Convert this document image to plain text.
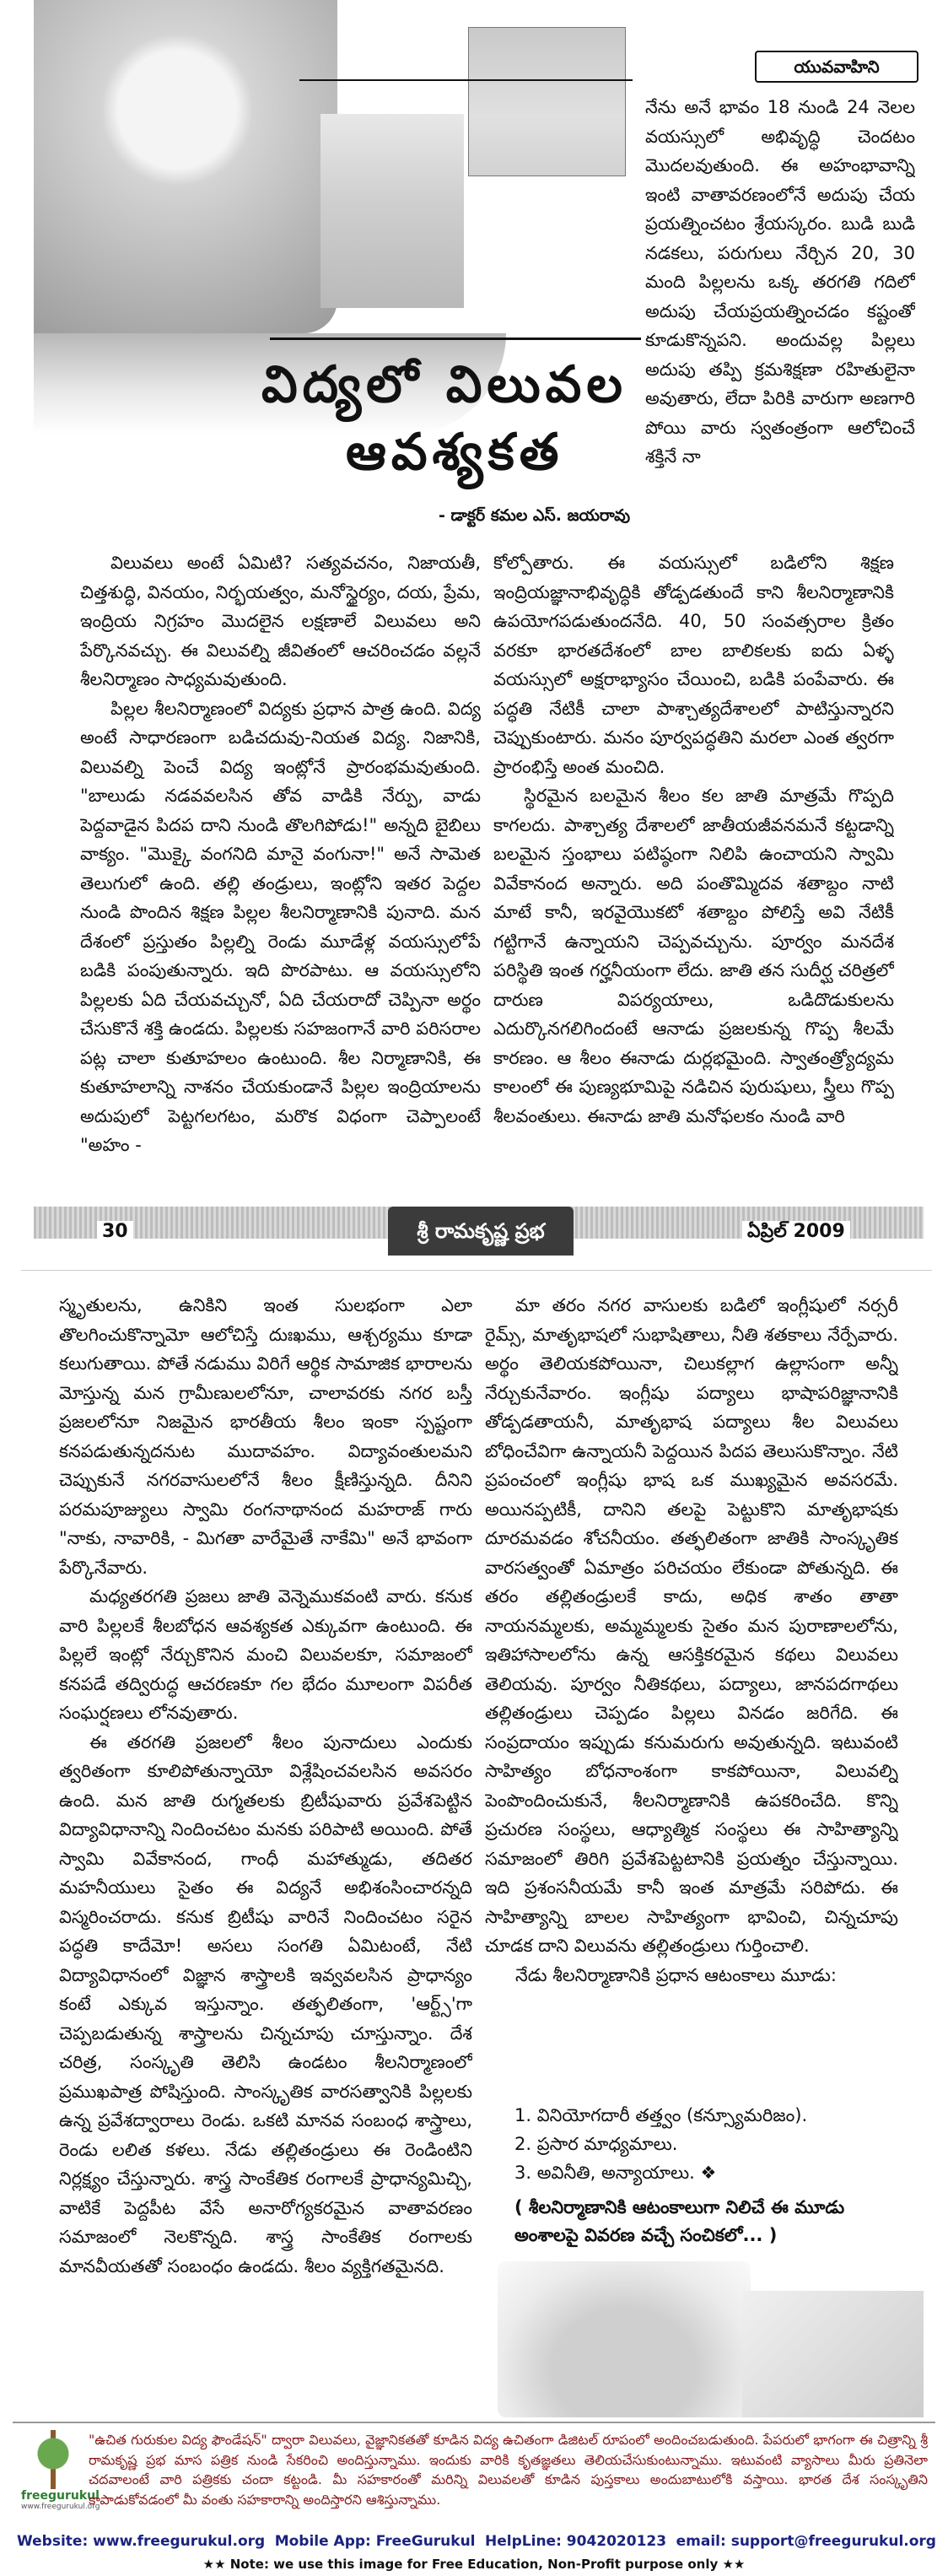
యువవాహిని
విద్యలో విలువల
ఆవశ్యకత
- డాక్టర్ కమల ఎస్. జయరావు

నేను అనే భావం 18 నుండి 24 నెలల వయస్సులో అభివృద్ధి చెందటం మొదలవుతుంది. ఈ అహంభావాన్ని ఇంటి వాతావరణంలోనే అదుపు చేయ ప్రయత్నించటం శ్రేయస్కరం. బుడి బుడి నడకలు, పరుగులు నేర్చిన 20, 30 మంది పిల్లలను ఒక్క తరగతి గదిలో అదుపు చేయప్రయత్నించడం కష్టంతో కూడుకొన్నపని. అందువల్ల పిల్లలు అదుపు తప్పి క్రమశిక్షణా రహితులైనా అవుతారు, లేదా పిరికి వారుగా అణగారి పోయి వారు స్వతంత్రంగా ఆలోచించే శక్తినే నా

విలువలు అంటే ఏమిటి? సత్యవచనం, నిజాయతీ, చిత్తశుద్ధి, వినయం, నిర్భయత్వం, మనోస్థైర్యం, దయ, ప్రేమ, ఇంద్రియ నిగ్రహం మొదలైన లక్షణాలే విలువలు అని పేర్కొనవచ్చు. ఈ విలువల్ని జీవితంలో ఆచరించడం వల్లనే శీలనిర్మాణం సాధ్యమవుతుంది.

పిల్లల శీలనిర్మాణంలో విద్యకు ప్రధాన పాత్ర ఉంది. విద్య అంటే సాధారణంగా బడిచదువు-నియత విద్య. నిజానికి, విలువల్ని పెంచే విద్య ఇంట్లోనే ప్రారంభమవుతుంది. "బాలుడు నడవవలసిన తోవ వాడికి నేర్పు, వాడు పెద్దవాడైన పిదప దాని నుండి తొలగిపోడు!" అన్నది బైబిలు వాక్యం. "మొక్కై వంగనిది మానై వంగునా!" అనే సామెత తెలుగులో ఉంది. తల్లి తండ్రులు, ఇంట్లోని ఇతర పెద్దల నుండి పొందిన శిక్షణ పిల్లల శీలనిర్మాణానికి పునాది. మన దేశంలో ప్రస్తుతం పిల్లల్ని రెండు మూడేళ్ల వయస్సులోపే బడికి పంపుతున్నారు. ఇది పొరపాటు. ఆ వయస్సులోని పిల్లలకు ఏది చేయవచ్చునో, ఏది చేయరాదో చెప్పినా అర్థం చేసుకొనే శక్తి ఉండదు. పిల్లలకు సహజంగానే వారి పరిసరాల పట్ల చాలా కుతూహలం ఉంటుంది. శీల నిర్మాణానికి, ఈ కుతూహలాన్ని నాశనం చేయకుండానే పిల్లల ఇంద్రియాలను అదుపులో పెట్టగలగటం, మరొక విధంగా చెప్పాలంటే "అహం -

కోల్పోతారు. ఈ వయస్సులో బడిలోని శిక్షణ ఇంద్రియజ్ఞానాభివృద్ధికి తోడ్పడతుందే కాని శీలనిర్మాణానికి ఉపయోగపడుతుందనేది. 40, 50 సంవత్సరాల క్రితం వరకూ భారతదేశంలో బాల బాలికలకు ఐదు ఏళ్ళ వయస్సులో అక్షరాభ్యాసం చేయించి, బడికి పంపేవారు. ఈ పద్ధతి నేటికీ చాలా పాశ్చాత్యదేశాలలో పాటిస్తున్నారని చెప్పుకుంటారు. మనం పూర్వపద్ధతిని మరలా ఎంత త్వరగా ప్రారంభిస్తే అంత మంచిది.

స్థిరమైన బలమైన శీలం కల జాతి మాత్రమే గొప్పది కాగలదు. పాశ్చాత్య దేశాలలో జాతీయజీవనమనే కట్టడాన్ని బలమైన స్తంభాలు పటిష్ఠంగా నిలిపి ఉంచాయని స్వామి వివేకానంద అన్నారు. అది పంతొమ్మిదవ శతాబ్దం నాటి మాటే కానీ, ఇరవైయొకటో శతాబ్దం పోలిస్తే అవి నేటికీ గట్టిగానే ఉన్నాయని చెప్పవచ్చును. పూర్వం మనదేశ పరిస్థితి ఇంత గర్హనీయంగా లేదు. జాతి తన సుదీర్ఘ చరిత్రలో దారుణ విపర్యయాలు, ఒడిదొడుకులను ఎదుర్కొనగలిగిందంటే ఆనాడు ప్రజలకున్న గొప్ప శీలమే కారణం. ఆ శీలం ఈనాడు దుర్లభమైంది. స్వాతంత్ర్యోద్యమ కాలంలో ఈ పుణ్యభూమిపై నడిచిన పురుషులు, స్త్రీలు గొప్ప శీలవంతులు. ఈనాడు జాతి మనోఫలకం నుండి వారి

30	శ్రీ రామకృష్ణ ప్రభ	ఏప్రిల్ 2009

స్మృతులను, ఉనికిని ఇంత సులభంగా ఎలా తొలగించుకొన్నామో ఆలోచిస్తే దుఃఖము, ఆశ్చర్యము కూడా కలుగుతాయి. పోతే నడుము విరిగే ఆర్థిక సామాజిక భారాలను మోస్తున్న మన గ్రామీణులలోనూ, చాలావరకు నగర బస్తీ ప్రజలలోనూ నిజమైన భారతీయ శీలం ఇంకా స్పష్టంగా కనపడుతున్నదనుట ముదావహం. విద్యావంతులమని చెప్పుకునే నగరవాసులలోనే శీలం క్షీణిస్తున్నది. దీనిని పరమపూజ్యులు స్వామి రంగనాథానంద మహరాజ్ గారు "నాకు, నావారికి, - మిగతా వారేమైతే నాకేమి" అనే భావంగా పేర్కొనేవారు.

మధ్యతరగతి ప్రజలు జాతి వెన్నెముకవంటి వారు. కనుక వారి పిల్లలకే శీలబోధన ఆవశ్యకత ఎక్కువగా ఉంటుంది. ఈ పిల్లలే ఇంట్లో నేర్చుకొనిన మంచి విలువలకూ, సమాజంలో కనపడే తద్విరుద్ధ ఆచరణకూ గల భేదం మూలంగా విపరీత సంఘర్షణలు లోనవుతారు.

ఈ తరగతి ప్రజలలో శీలం పునాదులు ఎందుకు త్వరితంగా కూలిపోతున్నాయో విశ్లేషించవలసిన అవసరం ఉంది. మన జాతి రుగ్మతలకు బ్రిటీషువారు ప్రవేశపెట్టిన విద్యావిధానాన్ని నిందించటం మనకు పరిపాటి అయింది. పోతే స్వామి వివేకానంద, గాంధీ మహాత్ముడు, తదితర మహనీయులు సైతం ఈ విద్యనే అభిశంసించారన్నది విస్మరించరాదు. కనుక బ్రిటీషు వారినే నిందించటం సరైన పద్ధతి కాదేమో! అసలు సంగతి ఏమిటంటే, నేటి విద్యావిధానంలో విజ్ఞాన శాస్త్రాలకి ఇవ్వవలసిన ప్రాధాన్యం కంటే ఎక్కువ ఇస్తున్నాం. తత్ఫలితంగా, 'ఆర్ట్స్'గా చెప్పబడుతున్న శాస్త్రాలను చిన్నచూపు చూస్తున్నాం. దేశ చరిత్ర, సంస్కృతి తెలిసి ఉండటం శీలనిర్మాణంలో ప్రముఖపాత్ర పోషిస్తుంది. సాంస్కృతిక వారసత్వానికి పిల్లలకు ఉన్న ప్రవేశద్వారాలు రెండు. ఒకటి మానవ సంబంధ శాస్త్రాలు, రెండు లలిత కళలు. నేడు తల్లితండ్రులు ఈ రెండింటిని నిర్లక్ష్యం చేస్తున్నారు. శాస్త్ర సాంకేతిక రంగాలకే ప్రాధాన్యమిచ్చి, వాటికే పెద్దపీట వేసే అనారోగ్యకరమైన వాతావరణం సమాజంలో నెలకొన్నది. శాస్త్ర సాంకేతిక రంగాలకు మానవీయతతో సంబంధం ఉండదు. శీలం వ్యక్తిగతమైనది.

మా తరం నగర వాసులకు బడిలో ఇంగ్లీషులో నర్సరీ రైమ్స్, మాతృభాషలో సుభాషితాలు, నీతి శతకాలు నేర్పేవారు. అర్థం తెలియకపోయినా, చిలుకల్లాగ ఉల్లాసంగా అన్నీ నేర్చుకునేవారం. ఇంగ్లీషు పద్యాలు భాషాపరిజ్ఞానానికి తోడ్పడతాయనీ, మాతృభాష పద్యాలు శీల విలువలు బోధించేవిగా ఉన్నాయనీ పెద్దయిన పిదప తెలుసుకొన్నాం. నేటి ప్రపంచంలో ఇంగ్లీషు భాష ఒక ముఖ్యమైన అవసరమే. అయినప్పటికీ, దానిని తలపై పెట్టుకొని మాతృభాషకు దూరమవడం శోచనీయం. తత్ఫలితంగా జాతికి సాంస్కృతిక వారసత్వంతో ఏమాత్రం పరిచయం లేకుండా పోతున్నది. ఈ తరం తల్లితండ్రులకే కాదు, అధిక శాతం తాతా నాయనమ్మలకు, అమ్మమ్మలకు సైతం మన పురాణాలలోను, ఇతిహాసాలలోను ఉన్న ఆసక్తికరమైన కథలు విలువలు తెలియవు. పూర్వం నీతికథలు, పద్యాలు, జానపదగాథలు తల్లితండ్రులు చెప్పడం పిల్లలు వినడం జరిగేది. ఈ సంప్రదాయం ఇప్పుడు కనుమరుగు అవుతున్నది. ఇటువంటి సాహిత్యం బోధనాంశంగా కాకపోయినా, విలువల్ని పెంపొందించుకునే, శీలనిర్మాణానికి ఉపకరించేది. కొన్ని ప్రచురణ సంస్థలు, ఆధ్యాత్మిక సంస్థలు ఈ సాహిత్యాన్ని సమాజంలో తిరిగి ప్రవేశపెట్టటానికి ప్రయత్నం చేస్తున్నాయి. ఇది ప్రశంసనీయమే కానీ ఇంత మాత్రమే సరిపోదు. ఈ సాహిత్యాన్ని బాలల సాహిత్యంగా భావించి, చిన్నచూపు చూడక దాని విలువను తల్లితండ్రులు గుర్తించాలి.

నేడు శీలనిర్మాణానికి ప్రధాన ఆటంకాలు మూడు:

1. వినియోగదారీ తత్త్వం (కన్స్యూమరిజం).
2. ప్రసార మాధ్యమాలు.
3. అవినీతి, అన్యాయాలు. ❖
( శీలనిర్మాణానికి ఆటంకాలుగా నిలిచే ఈ మూడు అంశాలపై వివరణ వచ్చే సంచికలో... )
freegurukul
www.freegurukul.org
"ఉచిత గురుకుల విద్య ఫౌండేషన్" ద్వారా విలువలు, వైజ్ఞానికతతో కూడిన విద్య ఉచితంగా డిజిటల్ రూపంలో అందించబడుతుంది. పేపరులో భాగంగా ఈ చిత్రాన్ని శ్రీ రామకృష్ణ ప్రభ మాస పత్రిక నుండి సేకరించి అందిస్తున్నాము. ఇందుకు వారికి కృతజ్ఞతలు తెలియచేసుకుంటున్నాము. ఇటువంటి వ్యాసాలు మీరు ప్రతినెలా చదవాలంటే వారి పత్రికకు చందా కట్టండి. మీ సహకారంతో మరిన్ని విలువలతో కూడిన పుస్తకాలు అందుబాటులోకి వస్తాయి. భారత దేశ సంస్కృతిని కాపాడుకోవడంలో మీ వంతు సహకారాన్ని అందిస్తారని ఆశిస్తున్నాము.
Website: www.freegurukul.org Mobile App: FreeGurukul HelpLine: 9042020123 email: support@freegurukul.org
★★ Note: we use this image for Free Education, Non-Profit purpose only ★★
